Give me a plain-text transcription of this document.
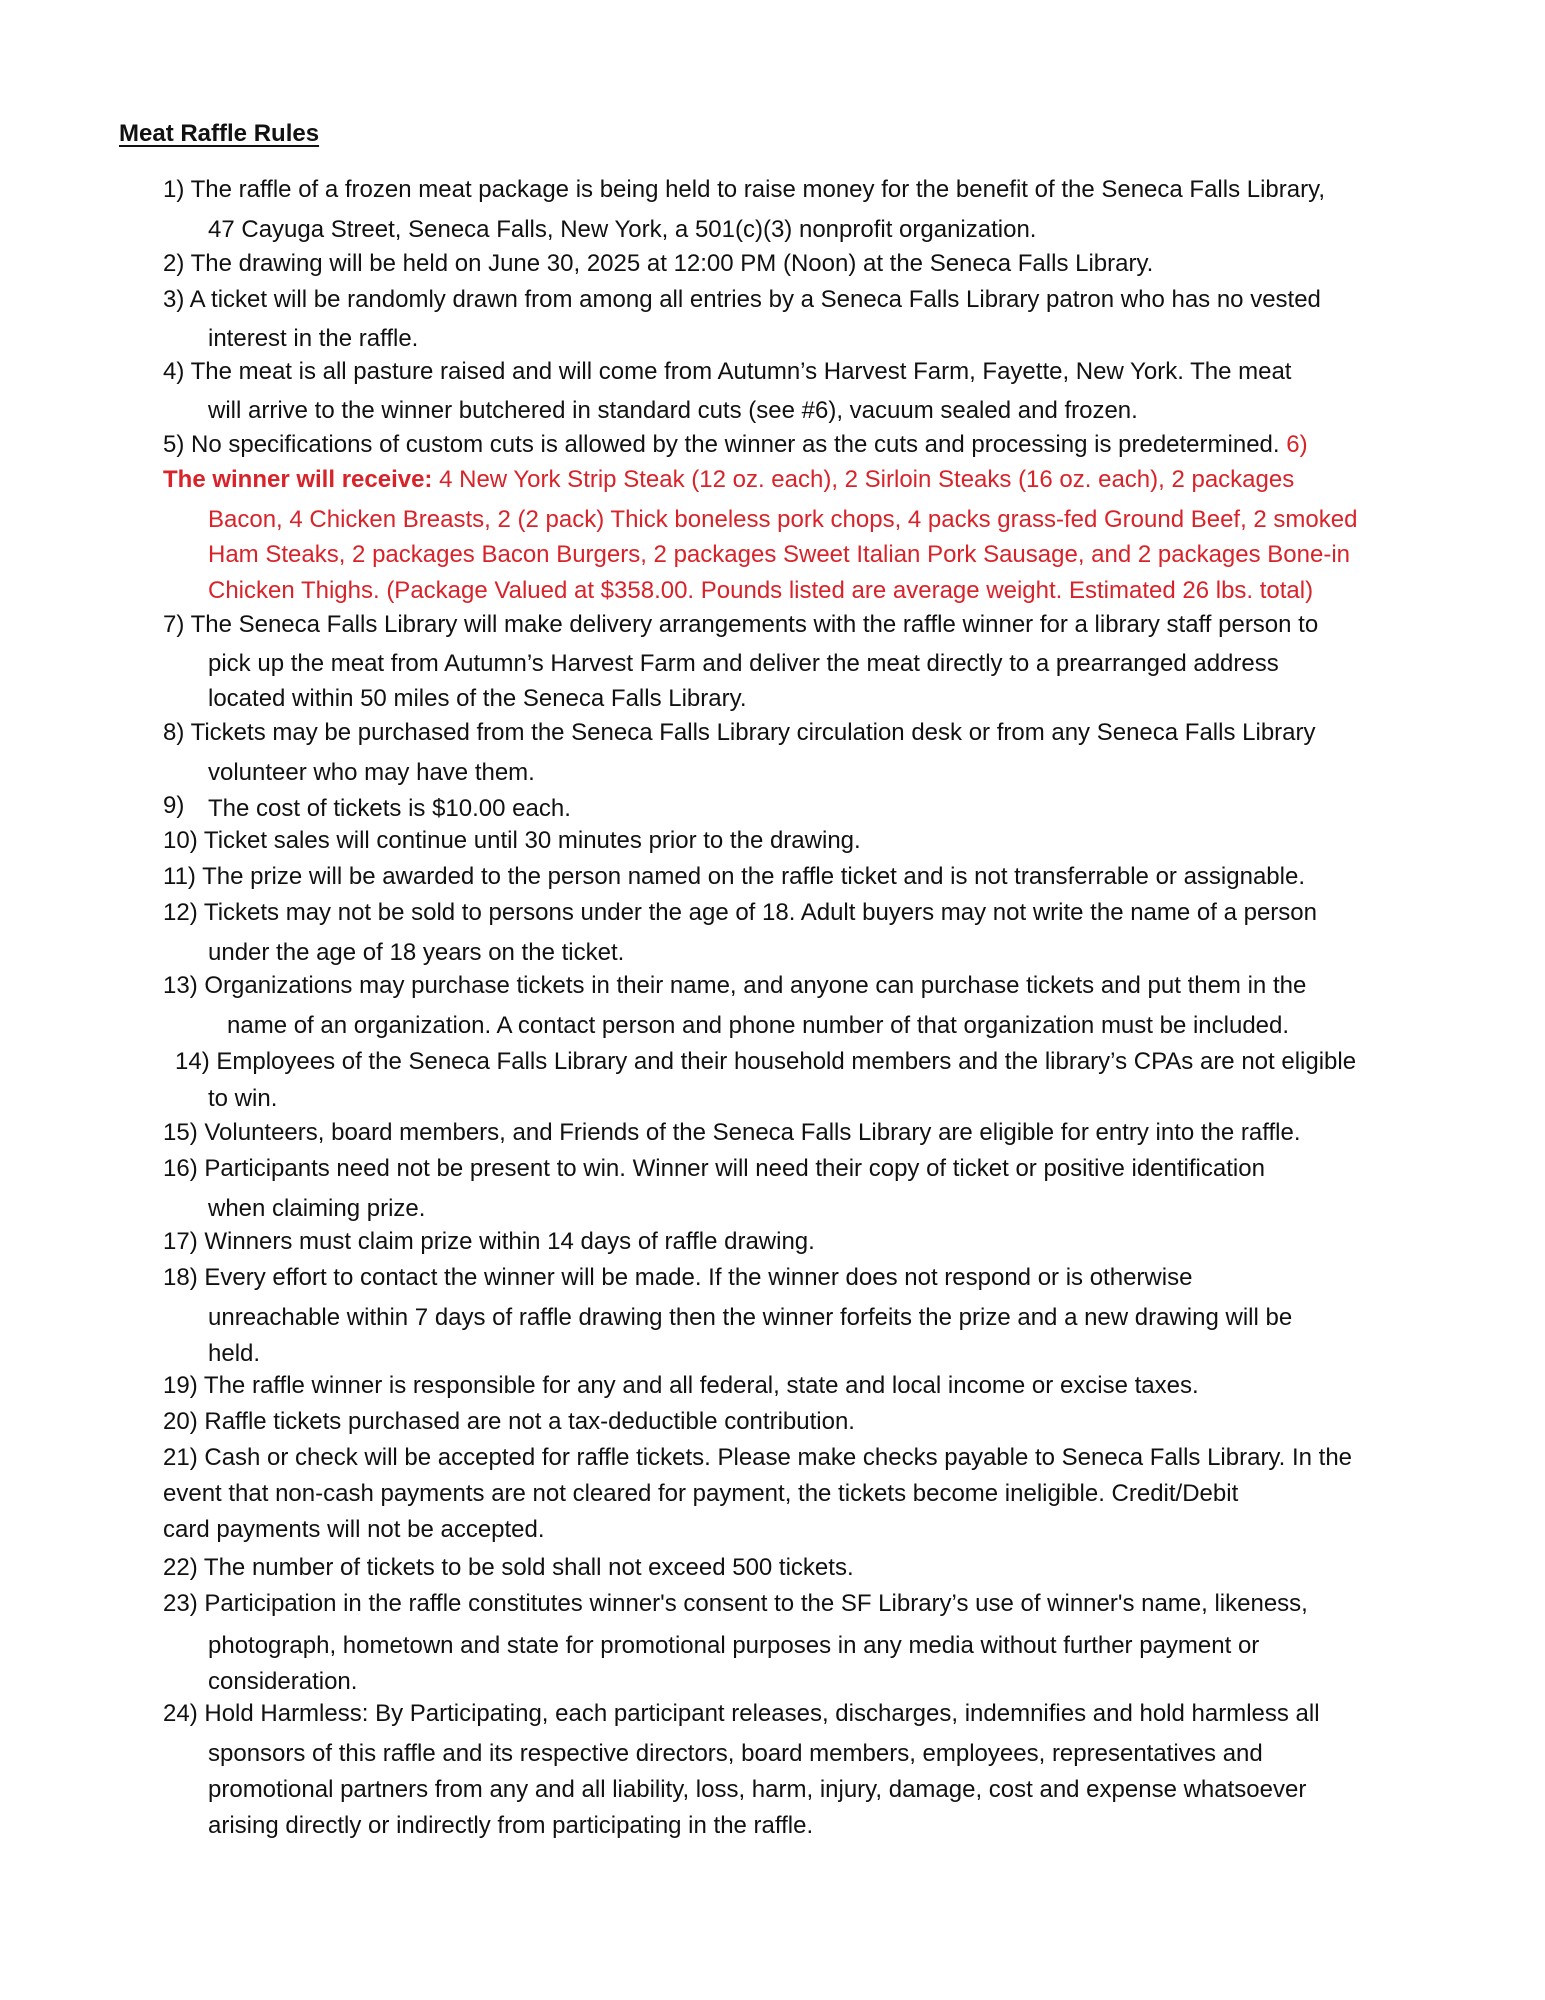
Meat Raffle Rules
1) The raffle of a frozen meat package is being held to raise money for the benefit of the Seneca Falls Library,
47 Cayuga Street, Seneca Falls, New York, a 501(c)(3) nonprofit organization.
2) The drawing will be held on June 30, 2025 at 12:00 PM (Noon) at the Seneca Falls Library.
3) A ticket will be randomly drawn from among all entries by a Seneca Falls Library patron who has no vested
interest in the raffle.
4) The meat is all pasture raised and will come from Autumn’s Harvest Farm, Fayette, New York. The meat
will arrive to the winner butchered in standard cuts (see #6), vacuum sealed and frozen.
5) No specifications of custom cuts is allowed by the winner as the cuts and processing is predetermined. 6)
The winner will receive: 4 New York Strip Steak (12 oz. each), 2 Sirloin Steaks (16 oz. each), 2 packages
Bacon, 4 Chicken Breasts, 2 (2 pack) Thick boneless pork chops, 4 packs grass-fed Ground Beef, 2 smoked
Ham Steaks, 2 packages Bacon Burgers, 2 packages Sweet Italian Pork Sausage, and 2 packages Bone-in
Chicken Thighs. (Package Valued at $358.00. Pounds listed are average weight. Estimated 26 lbs. total)
7) The Seneca Falls Library will make delivery arrangements with the raffle winner for a library staff person to
pick up the meat from Autumn’s Harvest Farm and deliver the meat directly to a prearranged address
located within 50 miles of the Seneca Falls Library.
8) Tickets may be purchased from the Seneca Falls Library circulation desk or from any Seneca Falls Library
volunteer who may have them.
9) The cost of tickets is $10.00 each.
10) Ticket sales will continue until 30 minutes prior to the drawing.
11) The prize will be awarded to the person named on the raffle ticket and is not transferrable or assignable.
12) Tickets may not be sold to persons under the age of 18. Adult buyers may not write the name of a person
under the age of 18 years on the ticket.
13) Organizations may purchase tickets in their name, and anyone can purchase tickets and put them in the
name of an organization. A contact person and phone number of that organization must be included.
14) Employees of the Seneca Falls Library and their household members and the library’s CPAs are not eligible
to win.
15) Volunteers, board members, and Friends of the Seneca Falls Library are eligible for entry into the raffle.
16) Participants need not be present to win. Winner will need their copy of ticket or positive identification
when claiming prize.
17) Winners must claim prize within 14 days of raffle drawing.
18) Every effort to contact the winner will be made. If the winner does not respond or is otherwise
unreachable within 7 days of raffle drawing then the winner forfeits the prize and a new drawing will be
held.
19) The raffle winner is responsible for any and all federal, state and local income or excise taxes.
20) Raffle tickets purchased are not a tax-deductible contribution.
21) Cash or check will be accepted for raffle tickets. Please make checks payable to Seneca Falls Library. In the
event that non-cash payments are not cleared for payment, the tickets become ineligible. Credit/Debit
card payments will not be accepted.
22) The number of tickets to be sold shall not exceed 500 tickets.
23) Participation in the raffle constitutes winner's consent to the SF Library’s use of winner's name, likeness,
photograph, hometown and state for promotional purposes in any media without further payment or
consideration.
24) Hold Harmless: By Participating, each participant releases, discharges, indemnifies and hold harmless all
sponsors of this raffle and its respective directors, board members, employees, representatives and
promotional partners from any and all liability, loss, harm, injury, damage, cost and expense whatsoever
arising directly or indirectly from participating in the raffle.
